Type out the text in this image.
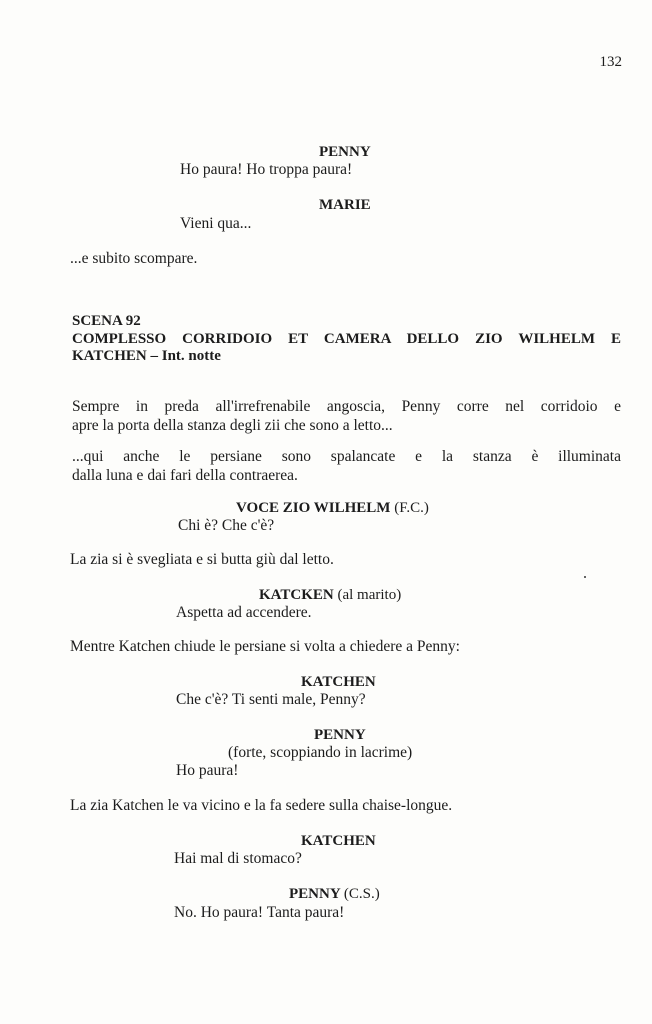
132
PENNY
Ho paura! Ho troppa paura!
MARIE
Vieni qua...
...e subito scompare.
SCENA 92
COMPLESSO CORRIDOIO ET CAMERA DELLO ZIO WILHELM E
KATCHEN – Int. notte
Sempre in preda all'irrefrenabile angoscia, Penny corre nel corridoio e
apre la porta della stanza degli zii che sono a letto...
...qui anche le persiane sono spalancate e la stanza è illuminata
dalla luna e dai fari della contraerea.
VOCE ZIO WILHELM (F.C.)
Chi è? Che c'è?
La zia si è svegliata e si butta giù dal letto.
KATCKEN (al marito)
Aspetta ad accendere.
Mentre Katchen chiude le persiane si volta a chiedere a Penny:
KATCHEN
Che c'è? Ti senti male, Penny?
PENNY
(forte, scoppiando in lacrime)
Ho paura!
La zia Katchen le va vicino e la fa sedere sulla chaise-longue.
KATCHEN
Hai mal di stomaco?
PENNY (C.S.)
No. Ho paura! Tanta paura!
